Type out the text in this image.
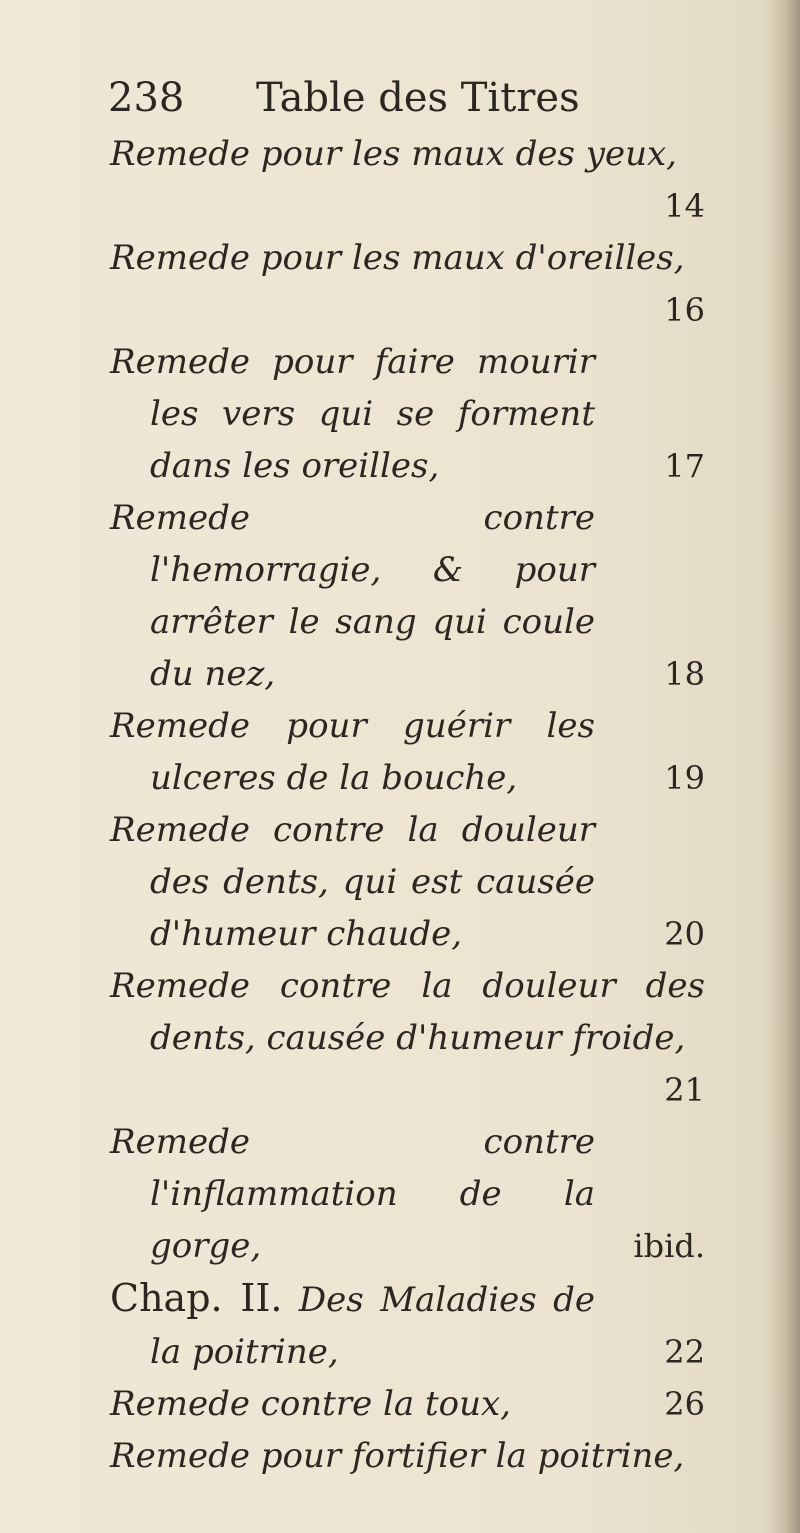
238 Table des Titres
Remede pour les maux des yeux,
14
Remede pour les maux d'oreilles,
16
Remede pour faire mourir les vers qui se forment dans les oreilles,	17
Remede contre l'hemorragie, & pour arrêter le sang qui coule du nez,	18
Remede pour guérir les ulceres de la bouche,	19
Remede contre la douleur des dents, qui est causée d'humeur chaude,	20
Remede contre la douleur des dents, causée d'humeur froide,
21
Remede contre l'inflammation de la gorge,	ibid.
Chap. II. Des Maladies de la poitrine,	22
Remede contre la toux,	26
Remede pour fortifier la poitrine,
